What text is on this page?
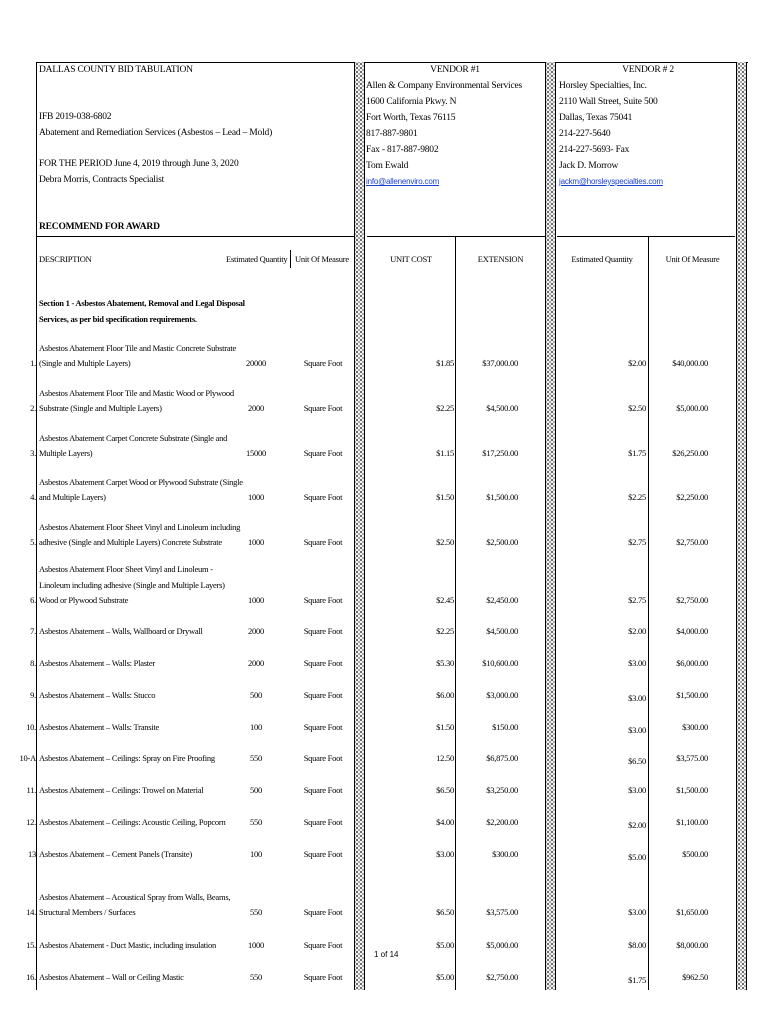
DALLAS COUNTY BID TABULATION
IFB 2019-038-6802
Abatement and Remediation Services (Asbestos – Lead – Mold)
FOR THE PERIOD June 4, 2019 through June 3, 2020
Debra Morris, Contracts Specialist
RECOMMEND FOR AWARD
VENDOR #1
Allen & Company Environmental Services
1600 California Pkwy. N
Fort Worth, Texas 76115
817-887-9801
Fax - 817-887-9802
Tom Ewald
info@allenenviro.com
VENDOR # 2
Horsley Specialties, Inc.
2110 Wall Street, Suite 500
Dallas, Texas 75041
214-227-5640
214-227-5693- Fax
Jack D. Morrow
jackm@horsleyspecialties.com
DESCRIPTION	Estimated Quantity Unit Of Measure	UNIT COST	EXTENSION	Estimated Quantity	Unit Of Measure
Section 1 - Asbestos Abatement, Removal and Legal Disposal
Services, as per bid specification requirements.
1.
Asbestos Abatement Floor Tile and Mastic Concrete Substrate
(Single and Multiple Layers)	20000	Square Foot	$1.85	$37,000.00	$2.00	$40,000.00
2.
Asbestos Abatement Floor Tile and Mastic Wood or Plywood
Substrate (Single and Multiple Layers)	2000	Square Foot	$2.25	$4,500.00	$2.50	$5,000.00
3.
Asbestos Abatement Carpet Concrete Substrate (Single and
Multiple Layers)	15000	Square Foot	$1.15	$17,250.00	$1.75	$26,250.00
4.
Asbestos Abatement Carpet Wood or Plywood Substrate (Single
and Multiple Layers)	1000	Square Foot	$1.50	$1,500.00	$2.25	$2,250.00
5.
Asbestos Abatement Floor Sheet Vinyl and Linoleum including
adhesive (Single and Multiple Layers) Concrete Substrate	1000	Square Foot	$2.50	$2,500.00	$2.75	$2,750.00
6.
Asbestos Abatement Floor Sheet Vinyl and Linoleum -
Linoleum including adhesive (Single and Multiple Layers)
Wood or Plywood Substrate	1000	Square Foot	$2.45	$2,450.00	$2.75	$2,750.00
7. Asbestos Abatement – Walls, Wallboard or Drywall	2000	Square Foot	$2.25	$4,500.00	$2.00	$4,000.00
8. Asbestos Abatement – Walls: Plaster	2000	Square Foot	$5.30	$10,600.00	$3.00	$6,000.00
9. Asbestos Abatement – Walls: Stucco	500	Square Foot	$6.00	$3,000.00	$3.00	$1,500.00
10. Asbestos Abatement – Walls: Transite	100	Square Foot	$1.50	$150.00	$3.00	$300.00
10-A Asbestos Abatement – Ceilings: Spray on Fire Proofing	550	Square Foot	12.50	$6,875.00	$6.50	$3,575.00
11. Asbestos Abatement – Ceilings: Trowel on Material	500	Square Foot	$6.50	$3,250.00	$3.00	$1,500.00
12. Asbestos Abatement – Ceilings: Acoustic Ceiling, Popcorn	550	Square Foot	$4.00	$2,200.00	$2.00	$1,100.00
13 Asbestos Abatement – Cement Panels (Transite)	100	Square Foot	$3.00	$300.00	$5.00	$500.00
14.
Asbestos Abatement – Acoustical Spray from Walls, Beams,
Structural Members / Surfaces	550	Square Foot	$6.50	$3,575.00	$3.00	$1,650.00
15. Asbestos Abatement - Duct Mastic, including insulation	1000	Square Foot	$5.00	$5,000.00	$8.00	$8,000.00
16. Asbestos Abatement – Wall or Ceiling Mastic	550	Square Foot	$5.00	$2,750.00	$1.75	$962.50
1 of 14
